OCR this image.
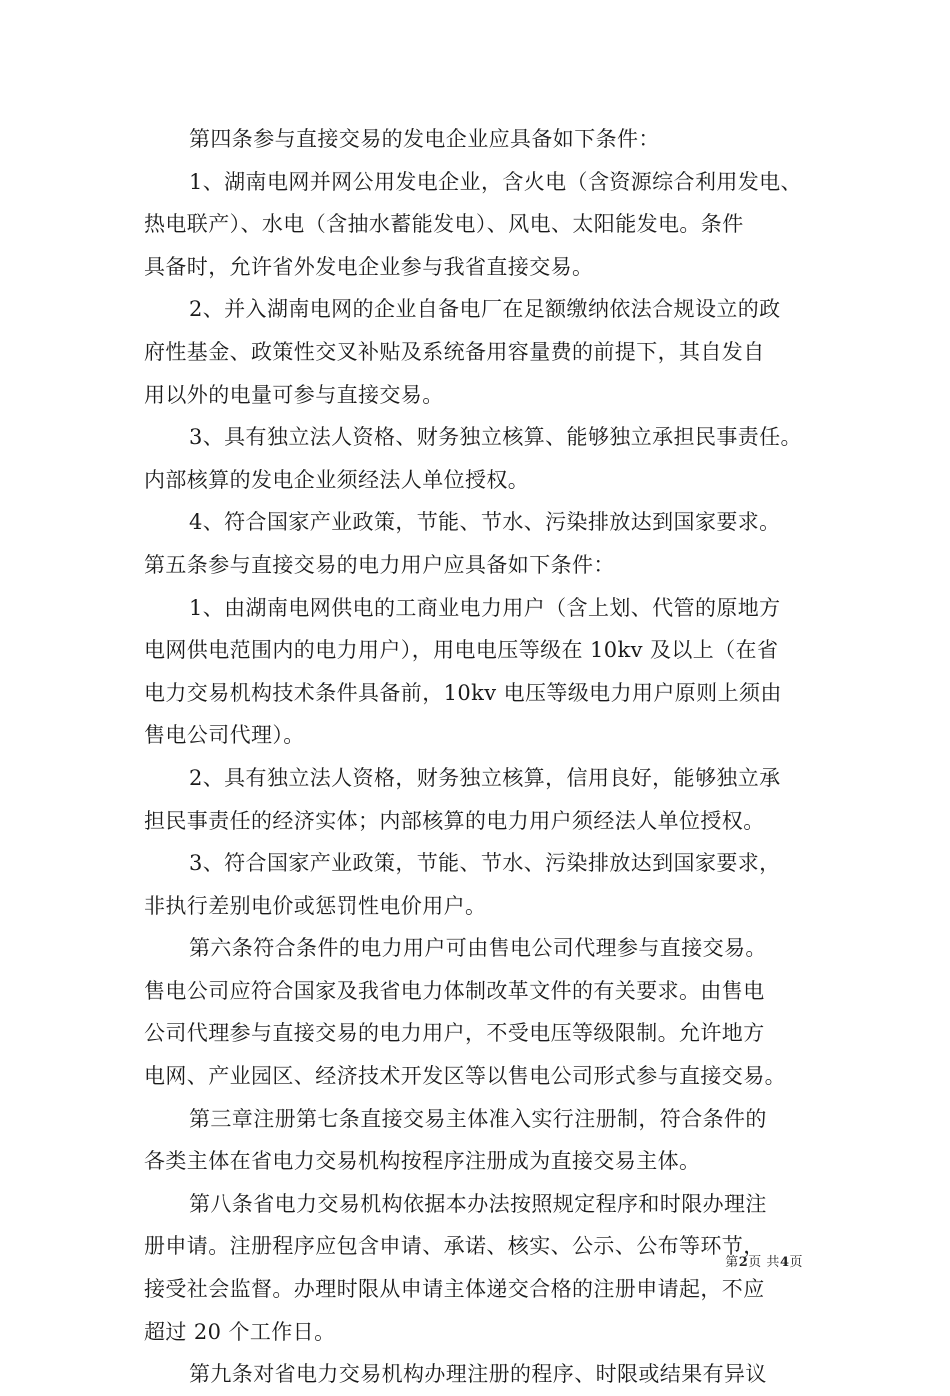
第四条参与直接交易的发电企业应具备如下条件：
1、湖南电网并网公用发电企业，含火电（含资源综合利用发电、
热电联产）、水电（含抽水蓄能发电）、风电、太阳能发电。条件
具备时，允许省外发电企业参与我省直接交易。
2、并入湖南电网的企业自备电厂在足额缴纳依法合规设立的政
府性基金、政策性交叉补贴及系统备用容量费的前提下，其自发自
用以外的电量可参与直接交易。
3、具有独立法人资格、财务独立核算、能够独立承担民事责任。
内部核算的发电企业须经法人单位授权。
4、符合国家产业政策，节能、节水、污染排放达到国家要求。
第五条参与直接交易的电力用户应具备如下条件：
1、由湖南电网供电的工商业电力用户（含上划、代管的原地方
电网供电范围内的电力用户），用电电压等级在 10kv 及以上（在省
电力交易机构技术条件具备前，10kv 电压等级电力用户原则上须由
售电公司代理）。
2、具有独立法人资格，财务独立核算，信用良好，能够独立承
担民事责任的经济实体；内部核算的电力用户须经法人单位授权。
3、符合国家产业政策，节能、节水、污染排放达到国家要求，
非执行差别电价或惩罚性电价用户。
第六条符合条件的电力用户可由售电公司代理参与直接交易。
售电公司应符合国家及我省电力体制改革文件的有关要求。由售电
公司代理参与直接交易的电力用户，不受电压等级限制。允许地方
电网、产业园区、经济技术开发区等以售电公司形式参与直接交易。
第三章注册第七条直接交易主体准入实行注册制，符合条件的
各类主体在省电力交易机构按程序注册成为直接交易主体。
第八条省电力交易机构依据本办法按照规定程序和时限办理注
册申请。注册程序应包含申请、承诺、核实、公示、公布等环节，
接受社会监督。办理时限从申请主体递交合格的注册申请起，不应
超过 20 个工作日。
第九条对省电力交易机构办理注册的程序、时限或结果有异议
第2页 共4页
